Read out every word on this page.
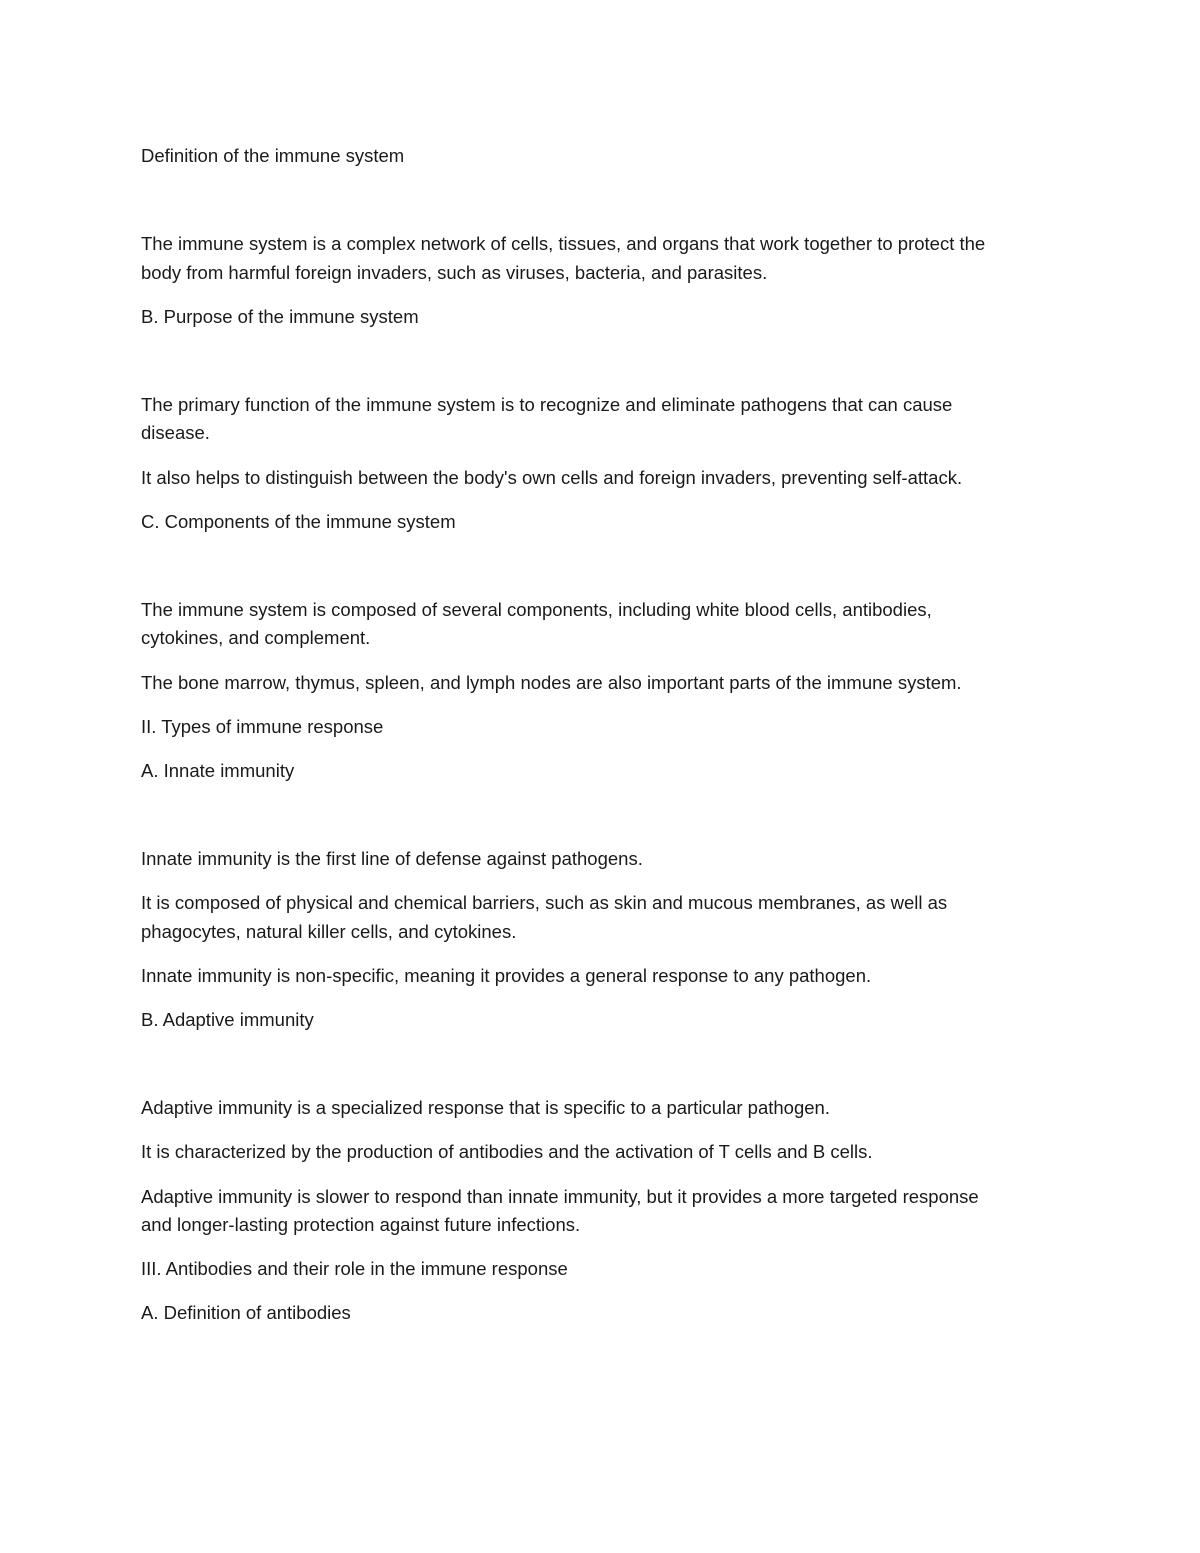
Definition of the immune system

The immune system is a complex network of cells, tissues, and organs that work together to protect the

body from harmful foreign invaders, such as viruses, bacteria, and parasites.

B. Purpose of the immune system

The primary function of the immune system is to recognize and eliminate pathogens that can cause

disease.

It also helps to distinguish between the body's own cells and foreign invaders, preventing self-attack.

C. Components of the immune system

The immune system is composed of several components, including white blood cells, antibodies,

cytokines, and complement.

The bone marrow, thymus, spleen, and lymph nodes are also important parts of the immune system.

II. Types of immune response

A. Innate immunity

Innate immunity is the first line of defense against pathogens.

It is composed of physical and chemical barriers, such as skin and mucous membranes, as well as

phagocytes, natural killer cells, and cytokines.

Innate immunity is non-specific, meaning it provides a general response to any pathogen.

B. Adaptive immunity

Adaptive immunity is a specialized response that is specific to a particular pathogen.

It is characterized by the production of antibodies and the activation of T cells and B cells.

Adaptive immunity is slower to respond than innate immunity, but it provides a more targeted response

and longer-lasting protection against future infections.

III. Antibodies and their role in the immune response

A. Definition of antibodies
